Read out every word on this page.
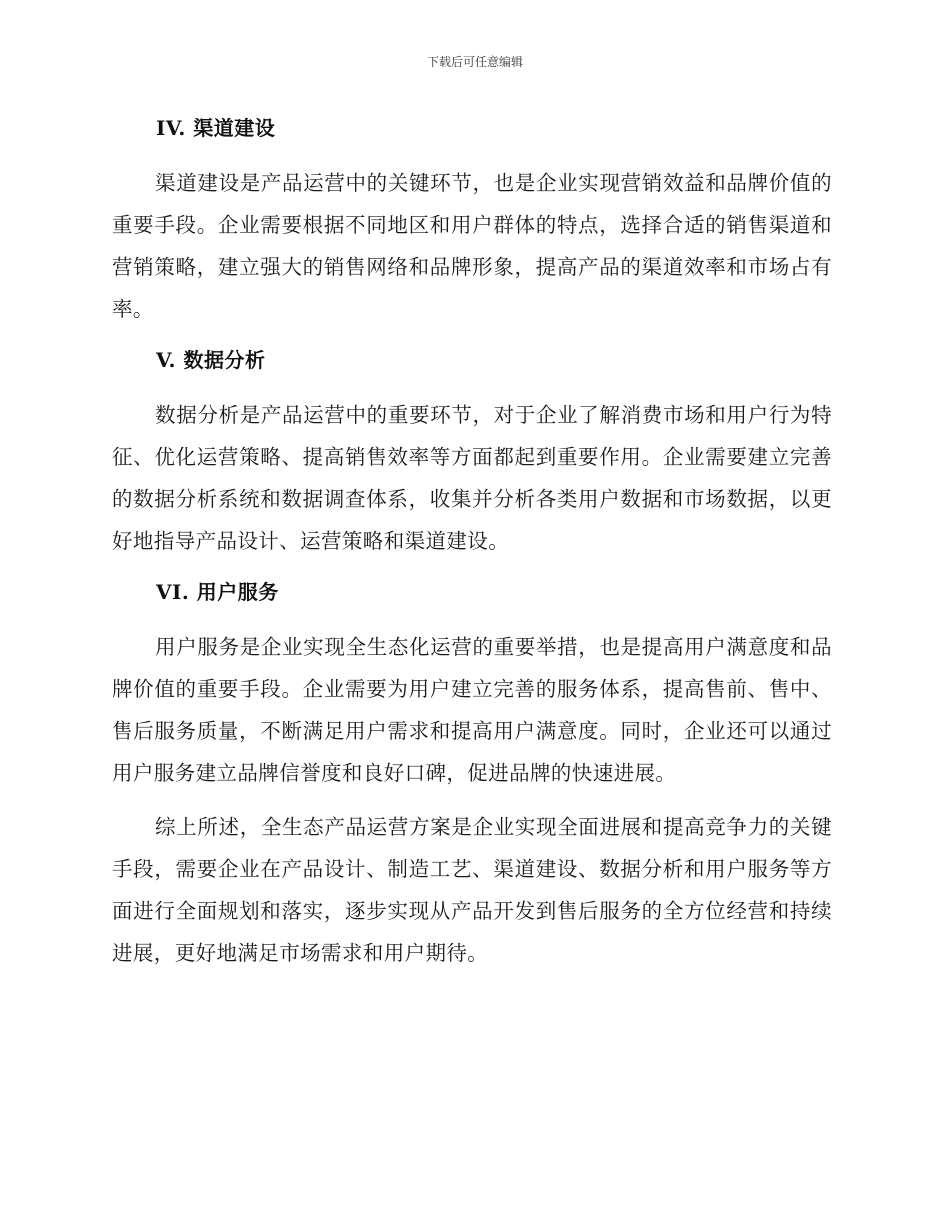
下载后可任意编辑
IV. 渠道建设

渠道建设是产品运营中的关键环节，也是企业实现营销效益和品牌价值的重要手段。企业需要根据不同地区和用户群体的特点，选择合适的销售渠道和营销策略，建立强大的销售网络和品牌形象，提高产品的渠道效率和市场占有率。

V. 数据分析

数据分析是产品运营中的重要环节，对于企业了解消费市场和用户行为特征、优化运营策略、提高销售效率等方面都起到重要作用。企业需要建立完善的数据分析系统和数据调查体系，收集并分析各类用户数据和市场数据，以更好地指导产品设计、运营策略和渠道建设。

VI. 用户服务

用户服务是企业实现全生态化运营的重要举措，也是提高用户满意度和品牌价值的重要手段。企业需要为用户建立完善的服务体系，提高售前、售中、售后服务质量，不断满足用户需求和提高用户满意度。同时，企业还可以通过用户服务建立品牌信誉度和良好口碑，促进品牌的快速进展。

综上所述，全生态产品运营方案是企业实现全面进展和提高竞争力的关键手段，需要企业在产品设计、制造工艺、渠道建设、数据分析和用户服务等方面进行全面规划和落实，逐步实现从产品开发到售后服务的全方位经营和持续进展，更好地满足市场需求和用户期待。
